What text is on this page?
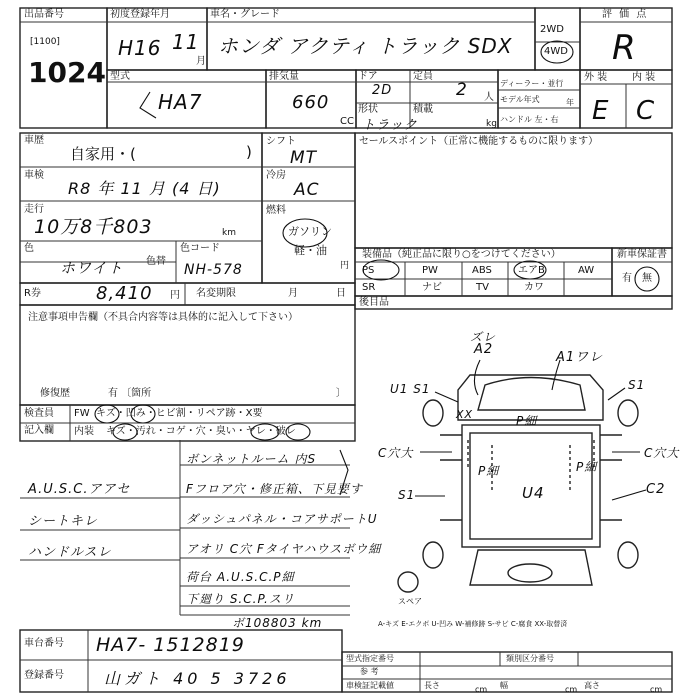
出品番号
[1100]
1024
初度登録年月
H16 11
月
車名・グレード
ホンダ アクティ トラック SDX
2WD
4WD
評 価 点
R
型式
HA7
排気量
660
CC
ドア
2D
定員
2 人
形状
トラック
積載
kg
ディーラー・並行
モデル年式	年
ハンドル 左・右
外 装 内 装
E C
車歴
自家用・(	)
車検
R8 年 11 月 (4 日)
走行
10万8千803	km
色
ホワイト 色替
色コード
NH-578
R券	8,410 円 名変期限	月	日
シフト
MT
冷房
AC
燃料
ガソリン
軽・油
円
セールスポイント（正常に機能するものに限ります）
装備品（純正品に限り○をつけてください）
PS	PW	ABS	エアB	AW
SR	ナビ	TV	カワ
新車保証書
有 無
後目品
注意事項申告欄（不具合内容等は具体的に記入して下さい）
修復歴	有 〔箇所	〕
検査員
記入欄
FW キズ・凹み・ヒビ割・リペア跡・X要
内装 キズ・汚れ・コゲ・穴・臭い・ヤレ・破レ
A.U.S.C.アアセ
シートキレ
ハンドルスレ
ボンネットルーム 内S
Fフロア穴・修正箱、下見要す
ダッシュパネル・コアサポートU
アオリ C穴 Fタイヤハウスボウ細
荷台 A.U.S.C.P細
下廻り S.C.P.スリ
ボ108803 km
ズレ
A2
A1ワレ
U1 S1	S1
XX	P細
C穴大	C穴大
P細	P細
S1	U4	C2
スペア
A-キズ E-エクボ U-凹み W-補修跡 S-サビ C-腐食 XX-取替済
車台番号 HA7- 1512819
登録番号	山ガト 40 5 3726
型式指定番号	類別区分番号
参 考
車検証記載値	長さ	cm 幅	cm 高さ	cm
